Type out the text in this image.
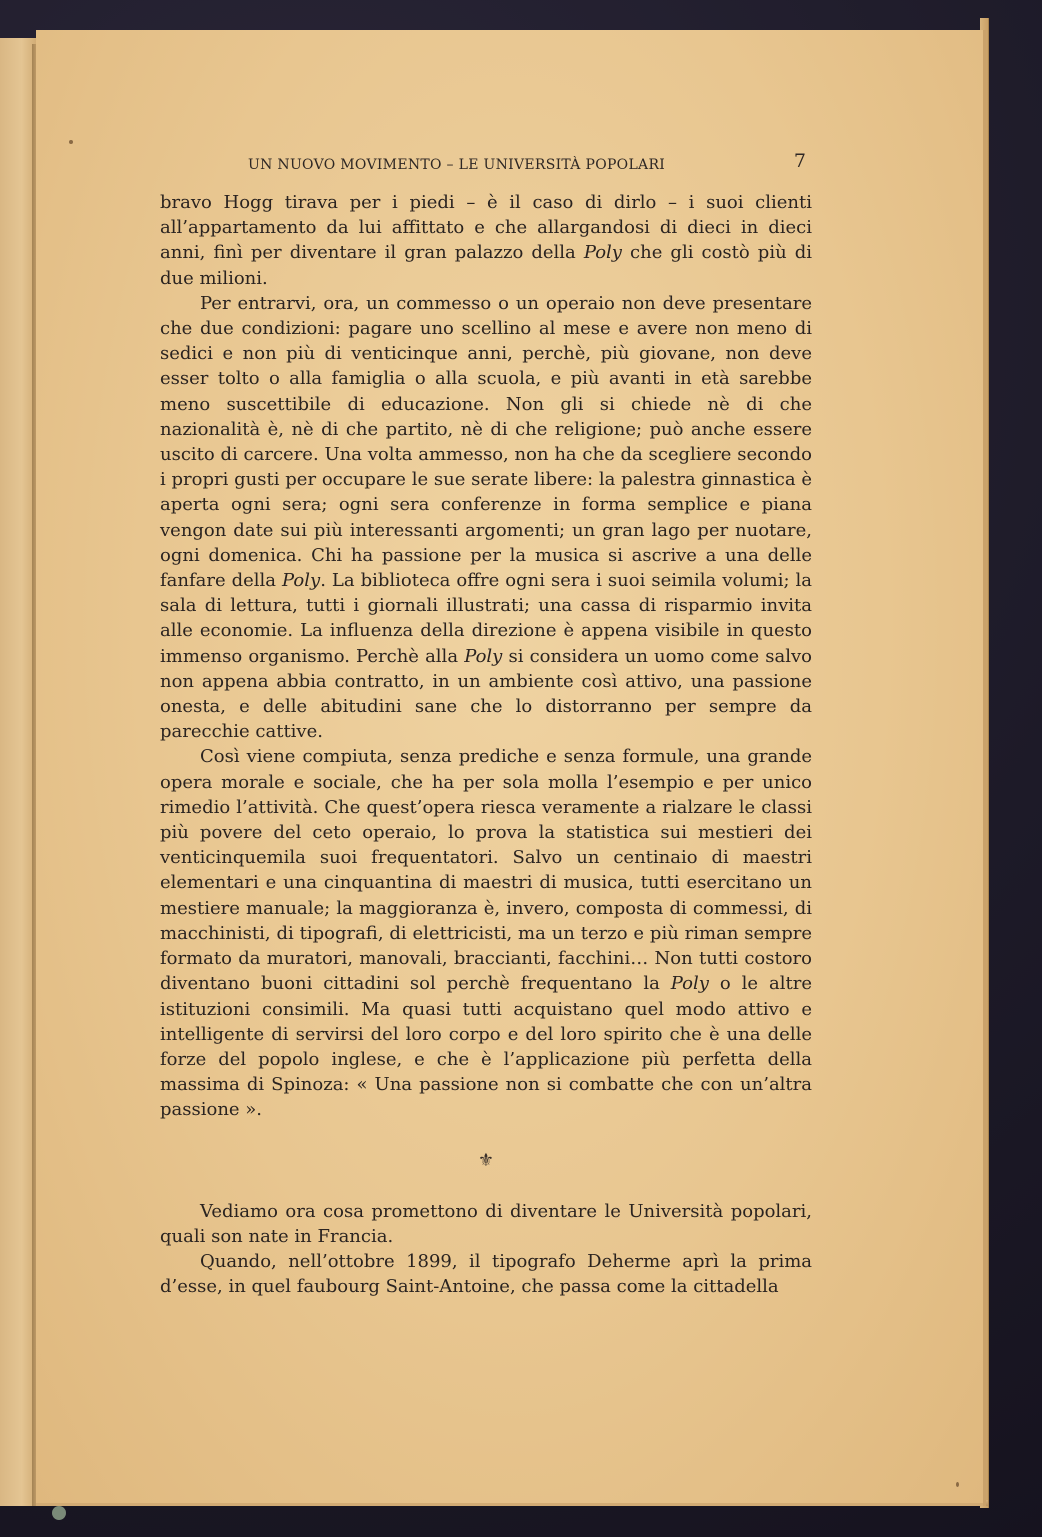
UN NUOVO MOVIMENTO – LE UNIVERSITÀ POPOLARI	7

bravo Hogg tirava per i piedi – è il caso di dirlo – i suoi clienti all’appartamento da lui affittato e che allargandosi di dieci in dieci anni, finì per diventare il gran palazzo della Poly che gli costò più di due milioni.

Per entrarvi, ora, un commesso o un operaio non deve presentare che due condizioni: pagare uno scellino al mese e avere non meno di sedici e non più di venticinque anni, perchè, più giovane, non deve esser tolto o alla famiglia o alla scuola, e più avanti in età sarebbe meno suscettibile di educazione. Non gli si chiede nè di che nazionalità è, nè di che partito, nè di che religione; può anche essere uscito di carcere. Una volta ammesso, non ha che da scegliere secondo i propri gusti per occupare le sue serate libere: la palestra ginnastica è aperta ogni sera; ogni sera conferenze in forma semplice e piana vengon date sui più interessanti argomenti; un gran lago per nuotare, ogni domenica. Chi ha passione per la musica si ascrive a una delle fanfare della Poly. La biblioteca offre ogni sera i suoi seimila volumi; la sala di lettura, tutti i giornali illustrati; una cassa di risparmio invita alle economie. La influenza della direzione è appena visibile in questo immenso organismo. Perchè alla Poly si considera un uomo come salvo non appena abbia contratto, in un ambiente così attivo, una passione onesta, e delle abitudini sane che lo distorranno per sempre da parecchie cattive.

Così viene compiuta, senza prediche e senza formule, una grande opera morale e sociale, che ha per sola molla l’esempio e per unico rimedio l’attività. Che quest’opera riesca veramente a rialzare le classi più povere del ceto operaio, lo prova la statistica sui mestieri dei venticinquemila suoi frequentatori. Salvo un centinaio di maestri elementari e una cinquantina di maestri di musica, tutti esercitano un mestiere manuale; la maggioranza è, invero, composta di commessi, di macchinisti, di tipografi, di elettricisti, ma un terzo e più riman sempre formato da muratori, manovali, braccianti, facchini… Non tutti costoro diventano buoni cittadini sol perchè frequentano la Poly o le altre istituzioni consimili. Ma quasi tutti acquistano quel modo attivo e intelligente di servirsi del loro corpo e del loro spirito che è una delle forze del popolo inglese, e che è l’applicazione più perfetta della massima di Spinoza: « Una passione non si combatte che con un’altra passione ».

⚜

Vediamo ora cosa promettono di diventare le Università popolari, quali son nate in Francia.

Quando, nell’ottobre 1899, il tipografo Deherme aprì la prima d’esse, in quel faubourg Saint-Antoine, che passa come la cittadella
